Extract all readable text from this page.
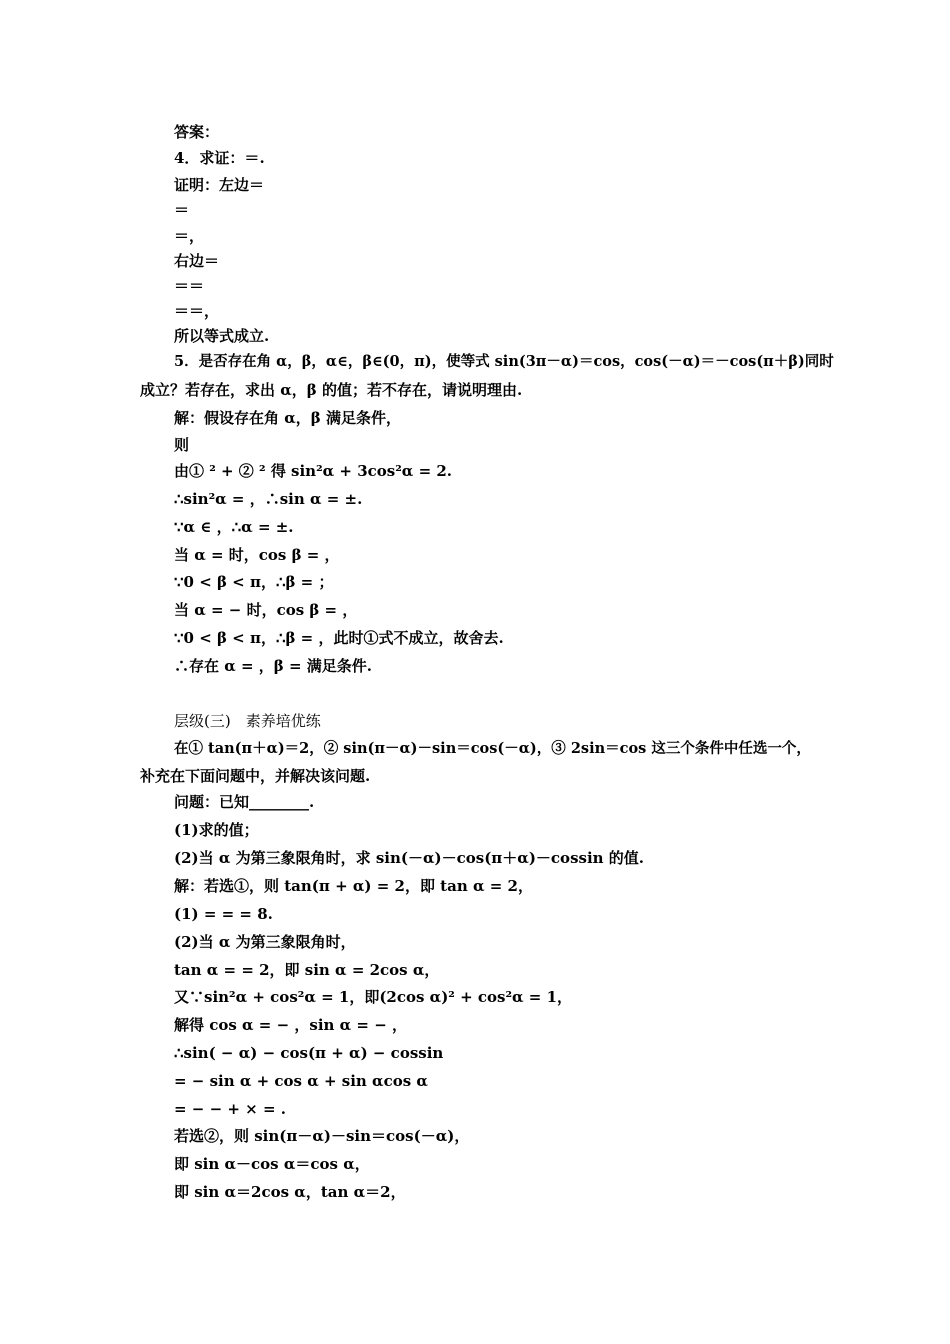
答案：
4．求证：＝.
证明：左边＝
＝
＝，
右边＝
＝＝
＝＝，
所以等式成立.
5．是否存在角 α，β，α∈，β∈(0，π)，使等式 sin(3π－α)＝cos，cos(－α)＝－cos(π＋β)同时
成立？若存在，求出 α，β 的值；若不存在，请说明理由.
解：假设存在角 α，β 满足条件，
则
由① ² + ② ² 得 sin²α + 3cos²α = 2.
∴sin²α = ，∴sin α = ±.
∵α ∈ ，∴α = ±.
当 α = 时，cos β = ，
∵0 < β < π，∴β = ；
当 α = − 时，cos β = ，
∵0 < β < π，∴β = ，此时①式不成立，故舍去.
∴存在 α = ，β = 满足条件.
层级(三)　素养培优练
在① tan(π＋α)＝2，② sin(π－α)－sin＝cos(－α)，③ 2sin＝cos 这三个条件中任选一个，
补充在下面问题中，并解决该问题.
问题：已知________.
(1)求的值；
(2)当 α 为第三象限角时，求 sin(－α)－cos(π＋α)－cossin 的值.
解：若选①，则 tan(π + α) = 2，即 tan α = 2，
(1) = = = 8.
(2)当 α 为第三象限角时，
tan α = = 2，即 sin α = 2cos α，
又∵sin²α + cos²α = 1，即(2cos α)² + cos²α = 1，
解得 cos α = − ，sin α = − ，
∴sin( − α) − cos(π + α) − cossin
= − sin α + cos α + sin αcos α
= − − + × = .
若选②，则 sin(π－α)－sin＝cos(－α)，
即 sin α－cos α＝cos α，
即 sin α＝2cos α，tan α＝2，
